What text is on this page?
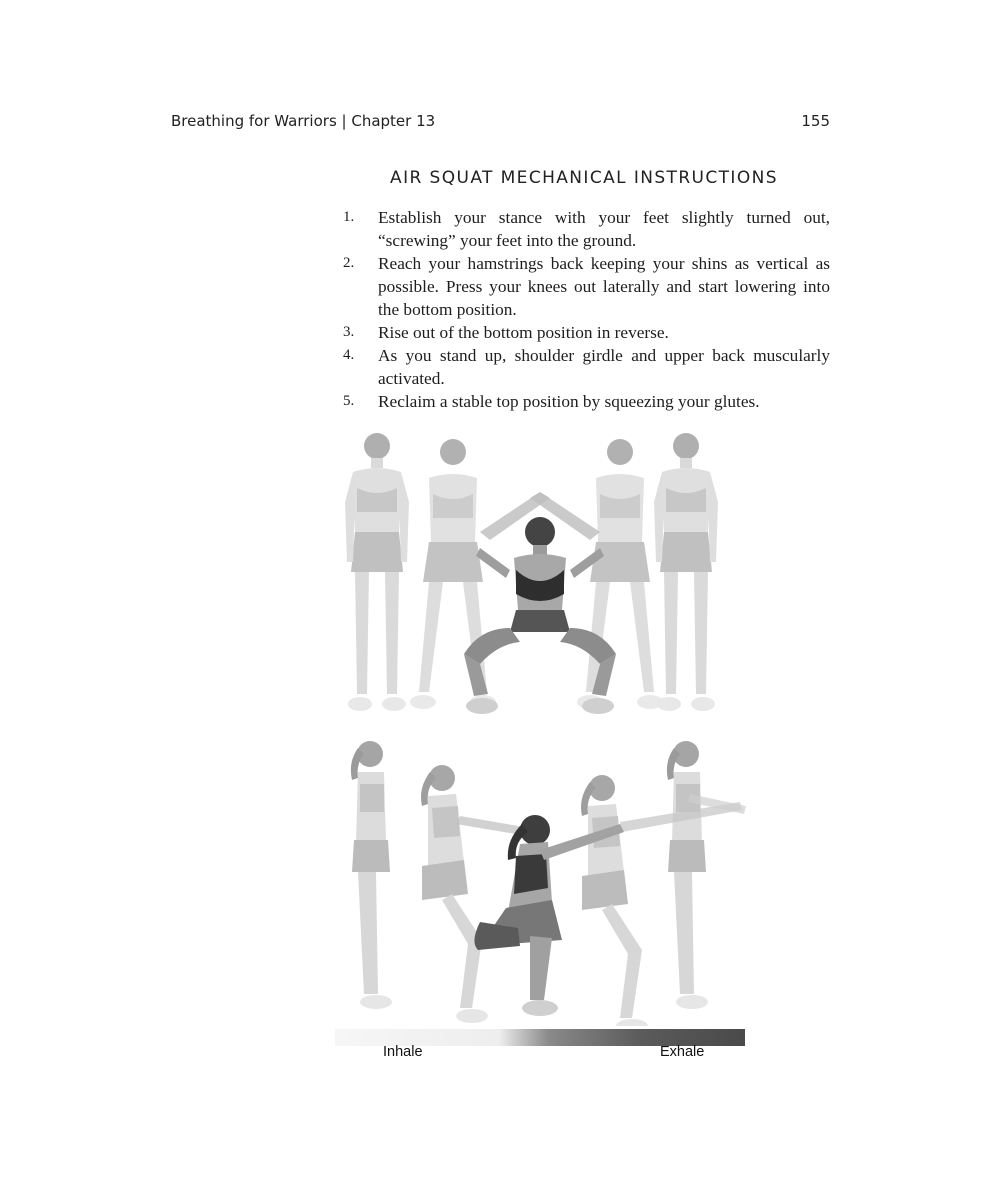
Breathing for Warriors | Chapter 13	155
AIR SQUAT MECHANICAL INSTRUCTIONS
1. Establish your stance with your feet slightly turned out, “screwing” your feet into the ground.
2. Reach your hamstrings back keeping your shins as vertical as possible. Press your knees out laterally and start lowering into the bottom position.
3. Rise out of the bottom position in reverse.
4. As you stand up, shoulder girdle and upper back muscularly activated.
5. Reclaim a stable top position by squeezing your glutes.
Inhale	Exhale
